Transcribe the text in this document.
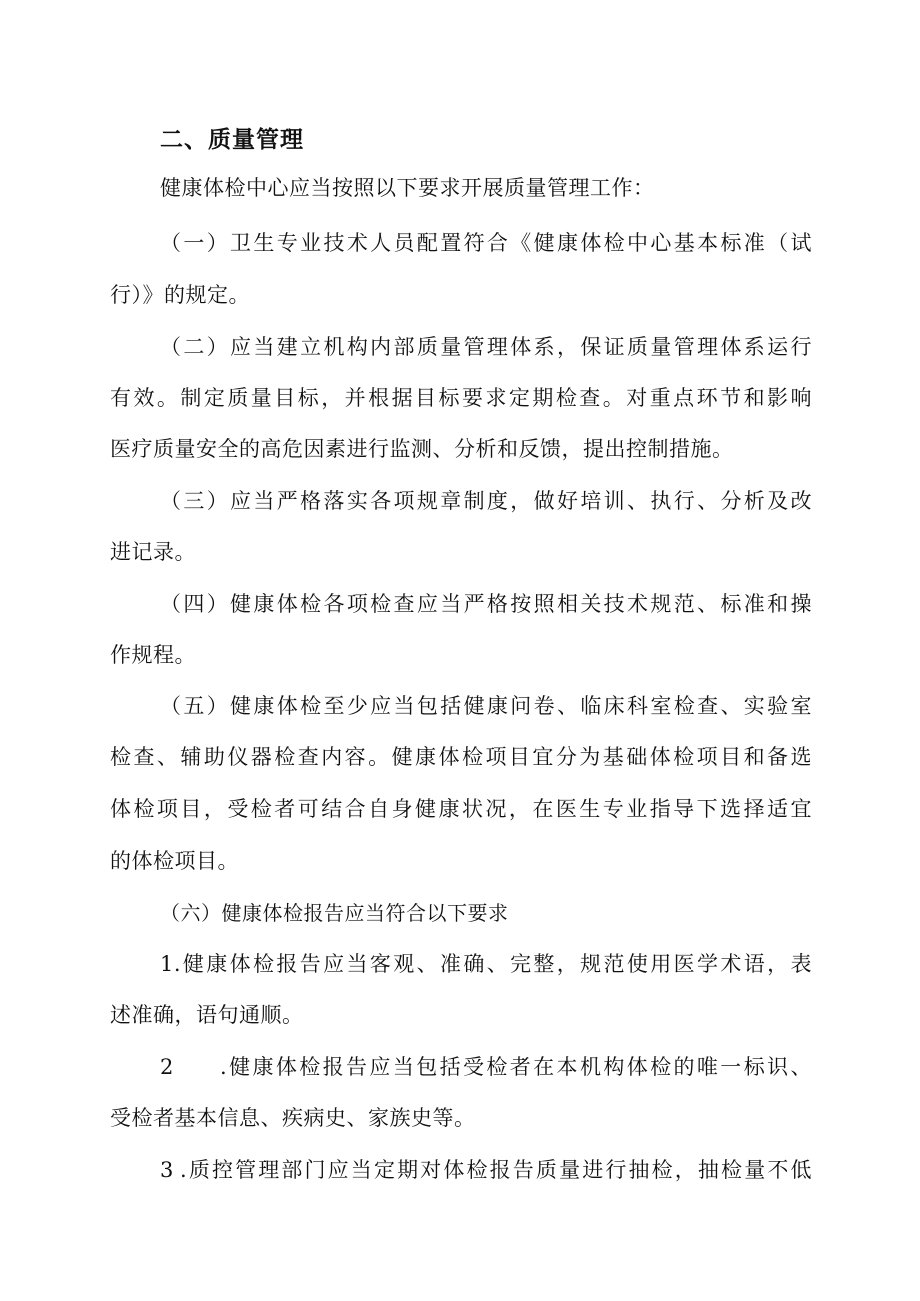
二、质量管理

健康体检中心应当按照以下要求开展质量管理工作：

（一）卫生专业技术人员配置符合《健康体检中心基本标准（试

行）》的规定。

（二）应当建立机构内部质量管理体系，保证质量管理体系运行

有效。制定质量目标，并根据目标要求定期检查。对重点环节和影响

医疗质量安全的高危因素进行监测、分析和反馈，提出控制措施。

（三）应当严格落实各项规章制度，做好培训、执行、分析及改

进记录。

（四）健康体检各项检查应当严格按照相关技术规范、标准和操

作规程。

（五）健康体检至少应当包括健康问卷、临床科室检查、实验室

检查、辅助仪器检查内容。健康体检项目宜分为基础体检项目和备选

体检项目，受检者可结合自身健康状况，在医生专业指导下选择适宜

的体检项目。

（六）健康体检报告应当符合以下要求

1.健康体检报告应当客观、准确、完整，规范使用医学术语，表

述准确，语句通顺。

2 .健康体检报告应当包括受检者在本机构体检的唯一标识、

受检者基本信息、疾病史、家族史等。

3 .质控管理部门应当定期对体检报告质量进行抽检，抽检量不低
